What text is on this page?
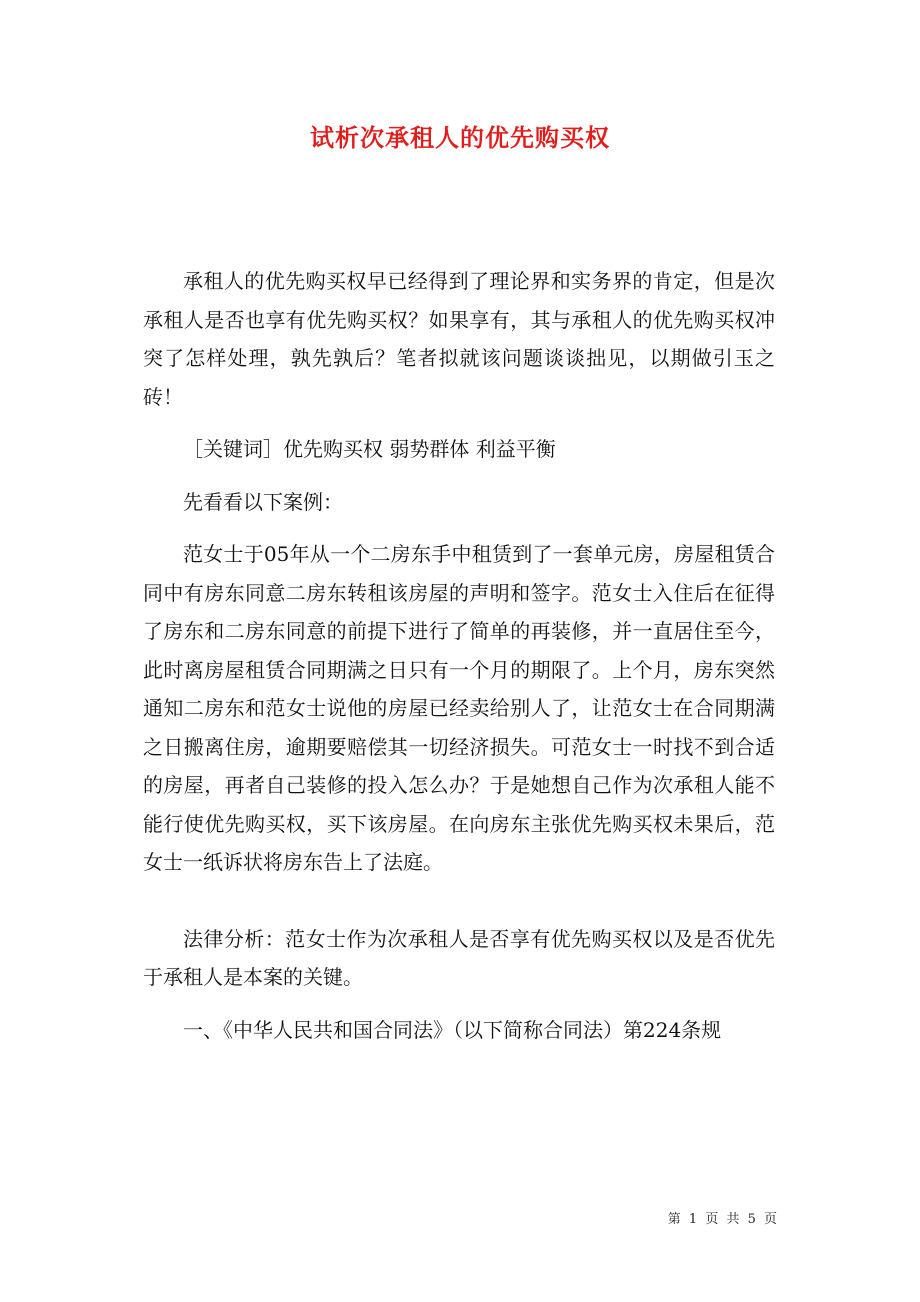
试析次承租人的优先购买权

承租人的优先购买权早已经得到了理论界和实务界的肯定，但是次承租人是否也享有优先购买权？如果享有，其与承租人的优先购买权冲突了怎样处理，孰先孰后？笔者拟就该问题谈谈拙见，以期做引玉之砖！

［关键词］优先购买权 弱势群体 利益平衡

先看看以下案例：

范女士于05年从一个二房东手中租赁到了一套单元房，房屋租赁合同中有房东同意二房东转租该房屋的声明和签字。范女士入住后在征得了房东和二房东同意的前提下进行了简单的再装修，并一直居住至今，此时离房屋租赁合同期满之日只有一个月的期限了。上个月，房东突然通知二房东和范女士说他的房屋已经卖给别人了，让范女士在合同期满之日搬离住房，逾期要赔偿其一切经济损失。可范女士一时找不到合适的房屋，再者自己装修的投入怎么办？于是她想自己作为次承租人能不能行使优先购买权，买下该房屋。在向房东主张优先购买权未果后，范女士一纸诉状将房东告上了法庭。

法律分析：范女士作为次承租人是否享有优先购买权以及是否优先于承租人是本案的关键。

一、《中华人民共和国合同法》（以下简称合同法）第224条规

第 1 页 共 5 页
